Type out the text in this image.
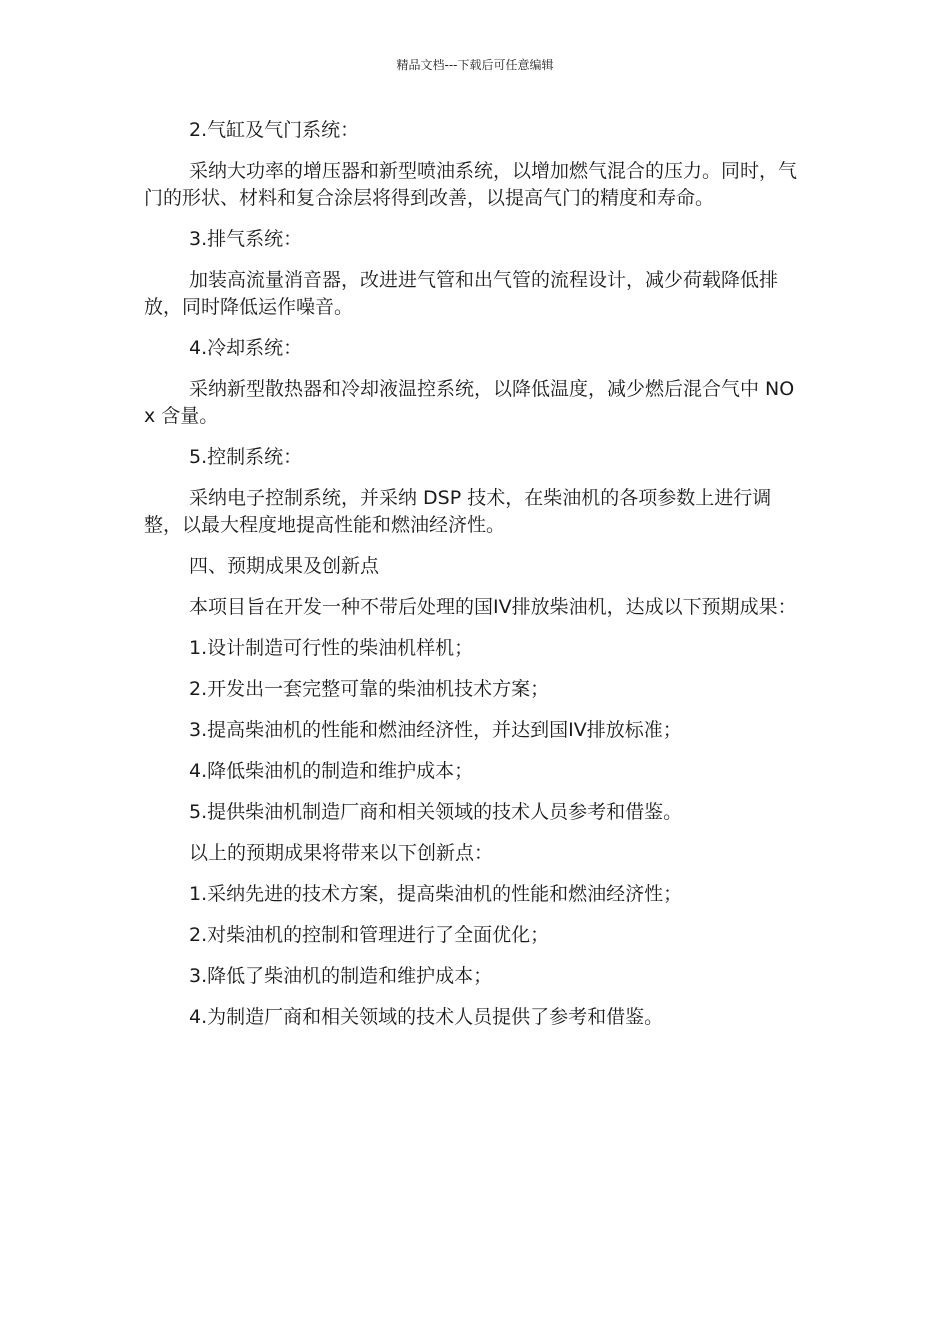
精品文档---下载后可任意编辑

2.气缸及气门系统：

采纳大功率的增压器和新型喷油系统，以增加燃气混合的压力。同时，气门的形状、材料和复合涂层将得到改善，以提高气门的精度和寿命。

3.排气系统：

加装高流量消音器，改进进气管和出气管的流程设计，减少荷载降低排放，同时降低运作噪音。

4.冷却系统：

采纳新型散热器和冷却液温控系统，以降低温度，减少燃后混合气中 NOx 含量。

5.控制系统：

采纳电子控制系统，并采纳 DSP 技术，在柴油机的各项参数上进行调整，以最大程度地提高性能和燃油经济性。

四、预期成果及创新点

本项目旨在开发一种不带后处理的国IV排放柴油机，达成以下预期成果：

1.设计制造可行性的柴油机样机；

2.开发出一套完整可靠的柴油机技术方案；

3.提高柴油机的性能和燃油经济性，并达到国IV排放标准；

4.降低柴油机的制造和维护成本；

5.提供柴油机制造厂商和相关领域的技术人员参考和借鉴。

以上的预期成果将带来以下创新点：

1.采纳先进的技术方案，提高柴油机的性能和燃油经济性；

2.对柴油机的控制和管理进行了全面优化；

3.降低了柴油机的制造和维护成本；

4.为制造厂商和相关领域的技术人员提供了参考和借鉴。
